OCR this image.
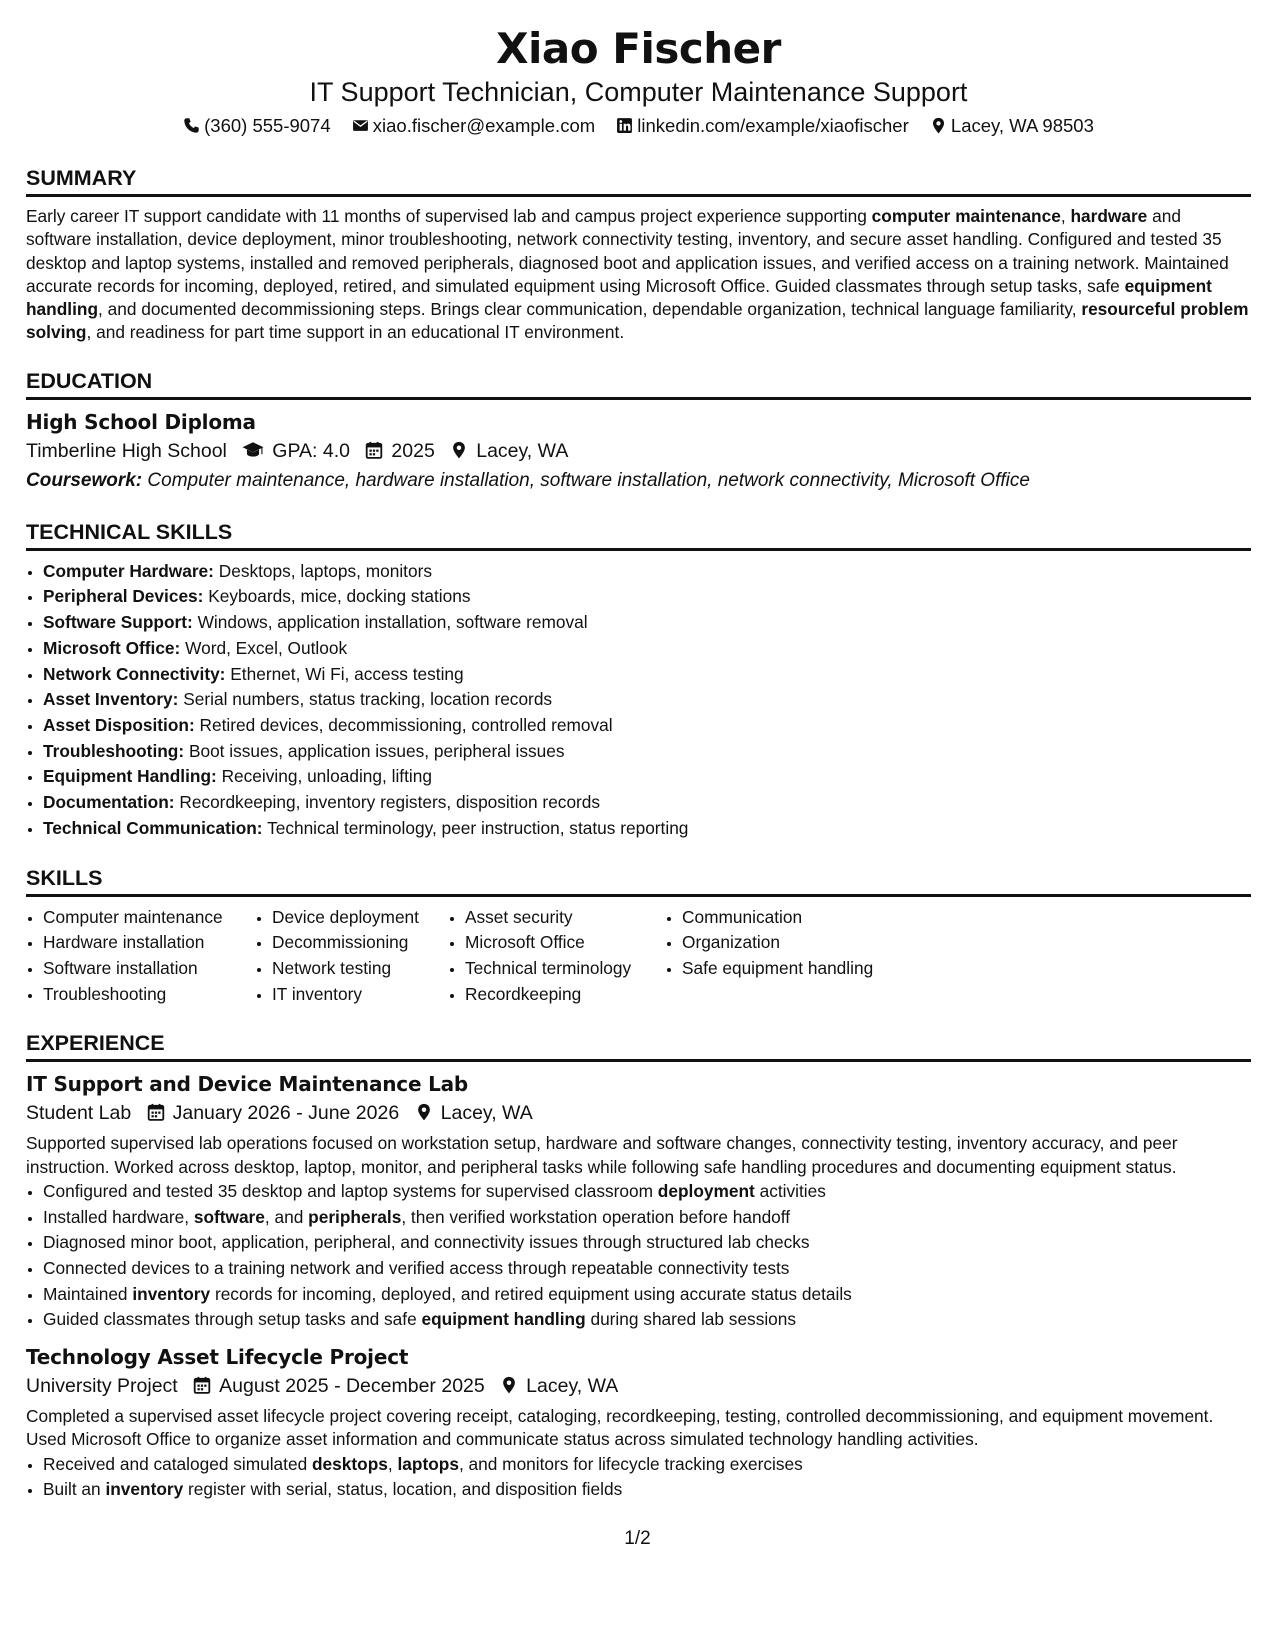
Xiao Fischer
IT Support Technician, Computer Maintenance Support
(360) 555-9074 xiao.fischer@example.com linkedin.com/example/xiaofischer Lacey, WA 98503
SUMMARY
Early career IT support candidate with 11 months of supervised lab and campus project experience supporting computer maintenance, hardware and software installation, device deployment, minor troubleshooting, network connectivity testing, inventory, and secure asset handling. Configured and tested 35 desktop and laptop systems, installed and removed peripherals, diagnosed boot and application issues, and verified access on a training network. Maintained accurate records for incoming, deployed, retired, and simulated equipment using Microsoft Office. Guided classmates through setup tasks, safe equipment handling, and documented decommissioning steps. Brings clear communication, dependable organization, technical language familiarity, resourceful problem solving, and readiness for part time support in an educational IT environment.
EDUCATION
High School Diploma
Timberline High School GPA: 4.0 2025 Lacey, WA
Coursework: Computer maintenance, hardware installation, software installation, network connectivity, Microsoft Office
TECHNICAL SKILLS
• Computer Hardware: Desktops, laptops, monitors
• Peripheral Devices: Keyboards, mice, docking stations
• Software Support: Windows, application installation, software removal
• Microsoft Office: Word, Excel, Outlook
• Network Connectivity: Ethernet, Wi Fi, access testing
• Asset Inventory: Serial numbers, status tracking, location records
• Asset Disposition: Retired devices, decommissioning, controlled removal
• Troubleshooting: Boot issues, application issues, peripheral issues
• Equipment Handling: Receiving, unloading, lifting
• Documentation: Recordkeeping, inventory registers, disposition records
• Technical Communication: Technical terminology, peer instruction, status reporting
SKILLS
• Computer maintenance
• Hardware installation
• Software installation
• Troubleshooting
• Device deployment
• Decommissioning
• Network testing
• IT inventory
• Asset security
• Microsoft Office
• Technical terminology
• Recordkeeping
• Communication
• Organization
• Safe equipment handling
EXPERIENCE
IT Support and Device Maintenance Lab
Student Lab January 2026 - June 2026 Lacey, WA
Supported supervised lab operations focused on workstation setup, hardware and software changes, connectivity testing, inventory accuracy, and peer instruction. Worked across desktop, laptop, monitor, and peripheral tasks while following safe handling procedures and documenting equipment status.
• Configured and tested 35 desktop and laptop systems for supervised classroom deployment activities
• Installed hardware, software, and peripherals, then verified workstation operation before handoff
• Diagnosed minor boot, application, peripheral, and connectivity issues through structured lab checks
• Connected devices to a training network and verified access through repeatable connectivity tests
• Maintained inventory records for incoming, deployed, and retired equipment using accurate status details
• Guided classmates through setup tasks and safe equipment handling during shared lab sessions
Technology Asset Lifecycle Project
University Project August 2025 - December 2025 Lacey, WA
Completed a supervised asset lifecycle project covering receipt, cataloging, recordkeeping, testing, controlled decommissioning, and equipment movement. Used Microsoft Office to organize asset information and communicate status across simulated technology handling activities.
• Received and cataloged simulated desktops, laptops, and monitors for lifecycle tracking exercises
• Built an inventory register with serial, status, location, and disposition fields
1/2
